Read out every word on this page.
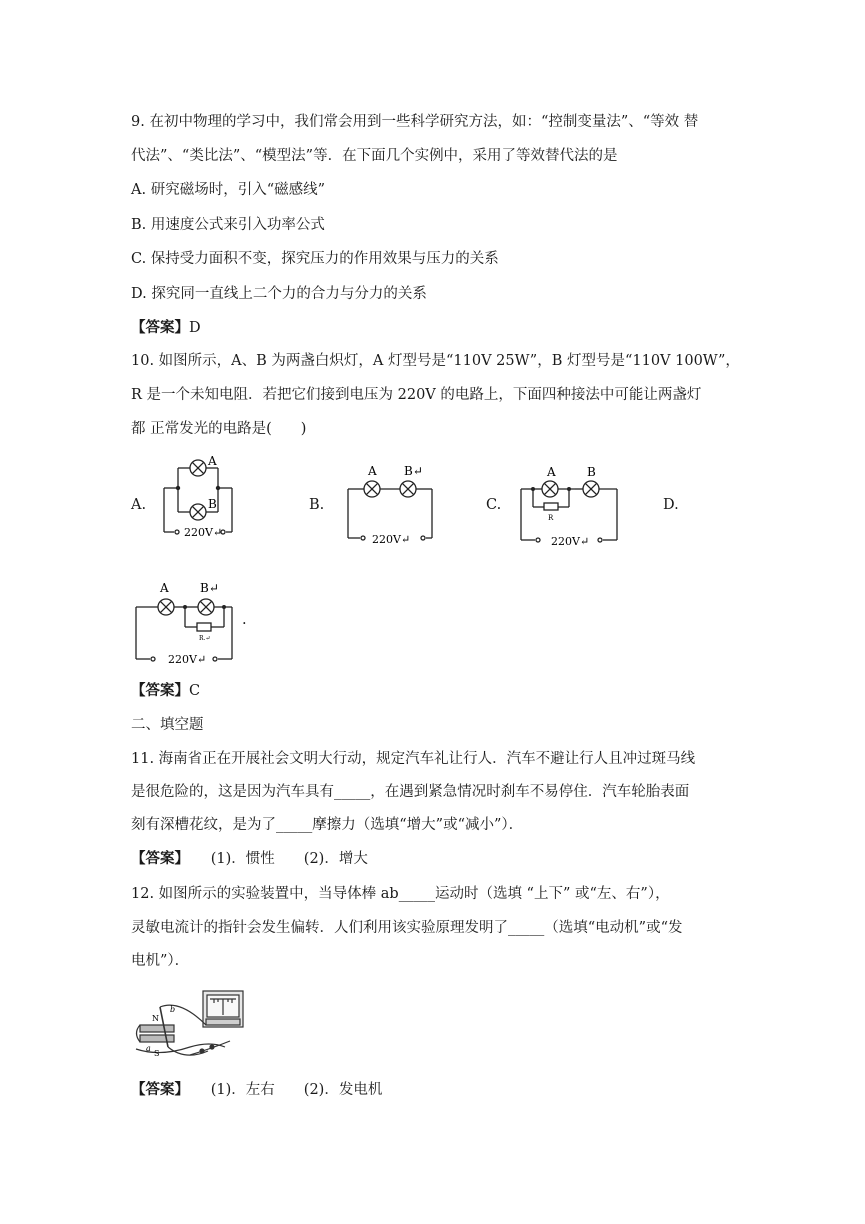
9. 在初中物理的学习中，我们常会用到一些科学研究方法，如：“控制变量法”、“等效 替
代法”、“类比法”、“模型法”等．在下面几个实例中，采用了等效替代法的是
A. 研究磁场时，引入“磁感线”
B. 用速度公式来引入功率公式
C. 保持受力面积不变，探究压力的作用效果与压力的关系
D. 探究同一直线上二个力的合力与分力的关系
【答案】D
10. 如图所示，A、B 为两盏白炽灯，A 灯型号是“110V 25W”，B 灯型号是“110V 100W”，
R 是一个未知电阻．若把它们接到电压为 220V 的电路上，下面四种接法中可能让两盏灯
都 正常发光的电路是(　　)
A.	B.	C.	D.
A
B
220V↵
A B↵
220V↵
A	B
R
220V↵
A	B↵
R.↵
220V↵
.
【答案】C
二、填空题
11. 海南省正在开展社会文明大行动，规定汽车礼让行人．汽车不避让行人且冲过斑马线
是很危险的，这是因为汽车具有_____，在遇到紧急情况时刹车不易停住．汽车轮胎表面
刻有深槽花纹，是为了_____摩擦力（选填“增大”或“减小”）．
【答案】　　(1)．惯性　　(2)．增大
12. 如图所示的实验装置中，当导体棒 ab_____运动时（选填 “上下” 或“左、右”），
灵敏电流计的指针会发生偏转．人们利用该实验原理发明了_____（选填“电动机”或“发
电机”）．
N
S
b
a
【答案】　　(1)．左右　　(2)．发电机
